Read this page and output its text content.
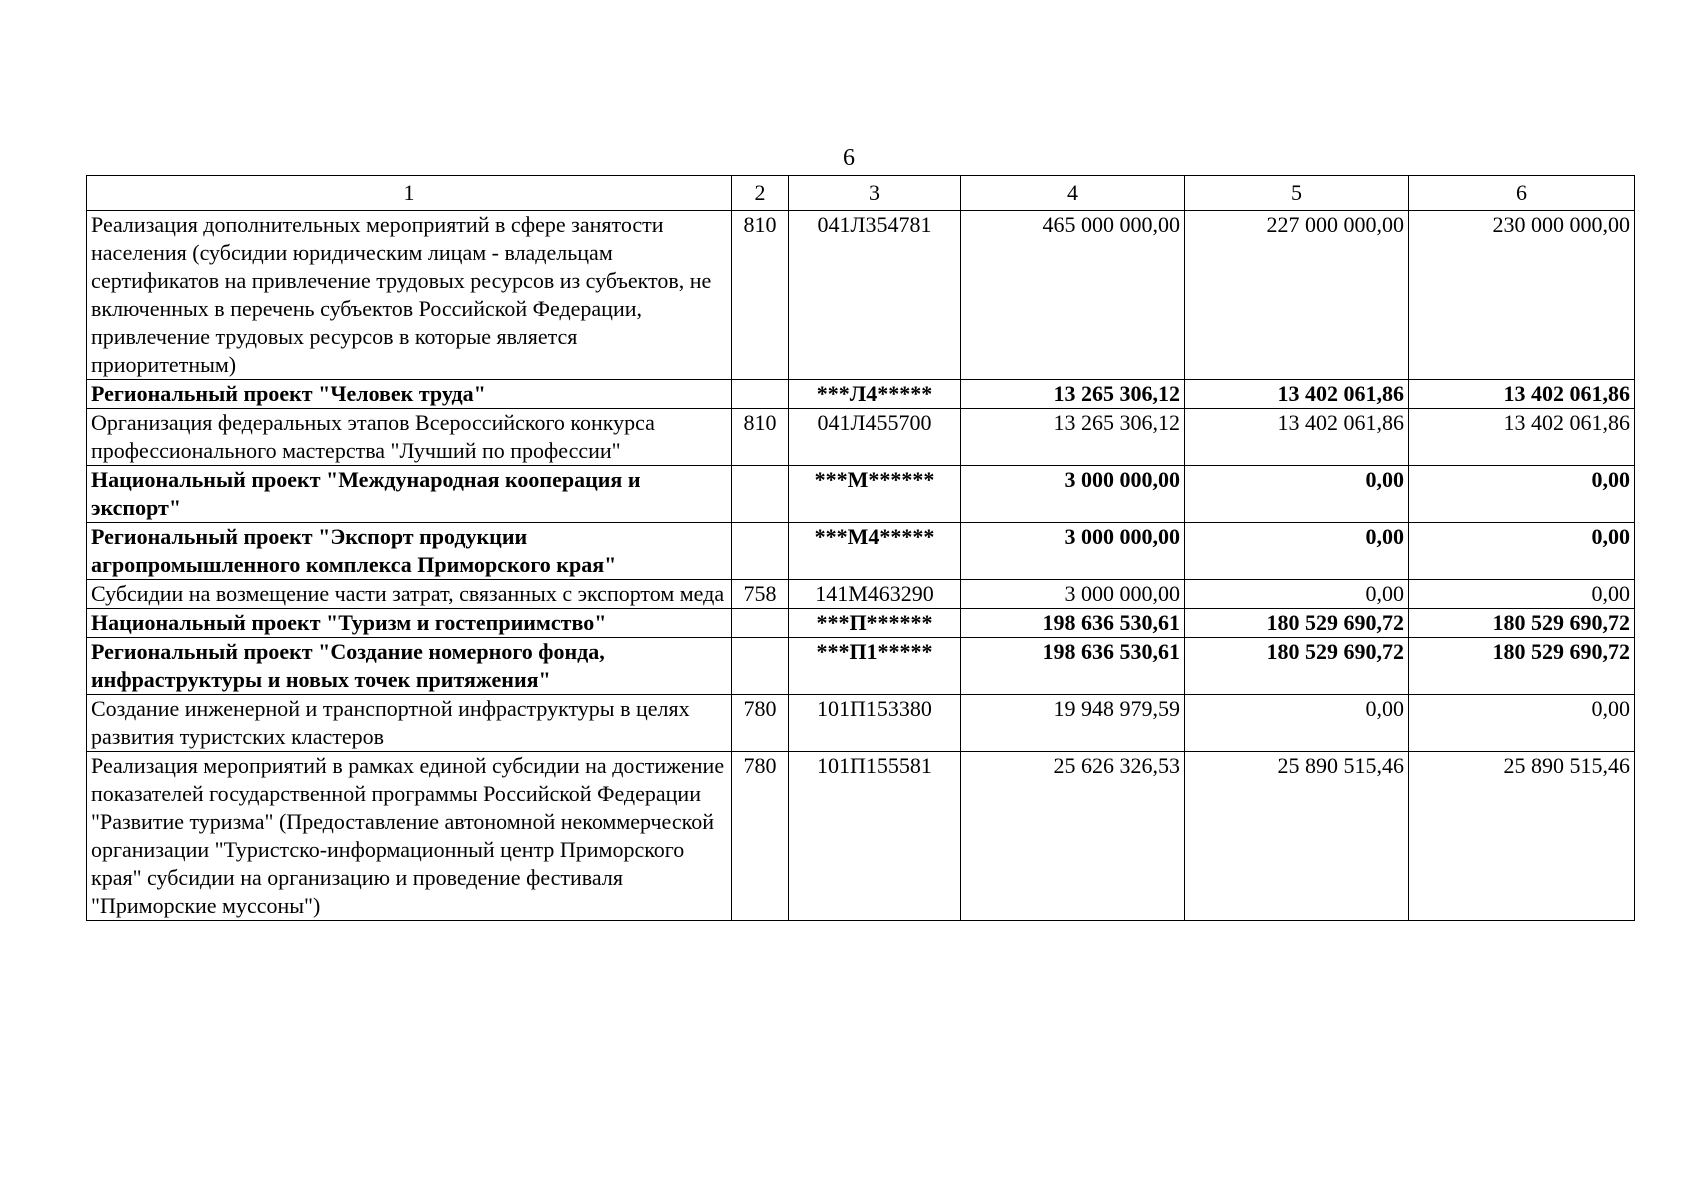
6
1	2	3	4	5	6
Реализация дополнительных мероприятий в сфере занятости населения (субсидии юридическим лицам - владельцам сертификатов на привлечение трудовых ресурсов из субъектов, не включенных в перечень субъектов Российской Федерации, привлечение трудовых ресурсов в которые является приоритетным)	810	041Л354781	465 000 000,00	227 000 000,00	230 000 000,00
Региональный проект "Человек труда"		***Л4*****	13 265 306,12	13 402 061,86	13 402 061,86
Организация федеральных этапов Всероссийского конкурса профессионального мастерства "Лучший по профессии"	810	041Л455700	13 265 306,12	13 402 061,86	13 402 061,86
Национальный проект "Международная кооперация и экспорт"		***М******	3 000 000,00	0,00	0,00
Региональный проект "Экспорт продукции агропромышленного комплекса Приморского края"		***М4*****	3 000 000,00	0,00	0,00
Субсидии на возмещение части затрат, связанных с экспортом меда	758	141М463290	3 000 000,00	0,00	0,00
Национальный проект "Туризм и гостеприимство"		***П******	198 636 530,61	180 529 690,72	180 529 690,72
Региональный проект "Создание номерного фонда, инфраструктуры и новых точек притяжения"		***П1*****	198 636 530,61	180 529 690,72	180 529 690,72
Создание инженерной и транспортной инфраструктуры в целях развития туристских кластеров	780	101П153380	19 948 979,59	0,00	0,00
Реализация мероприятий в рамках единой субсидии на достижение показателей государственной программы Российской Федерации "Развитие туризма" (Предоставление автономной некоммерческой организации "Туристско-информационный центр Приморского края" субсидии на организацию и проведение фестиваля "Приморские муссоны")	780	101П155581	25 626 326,53	25 890 515,46	25 890 515,46
